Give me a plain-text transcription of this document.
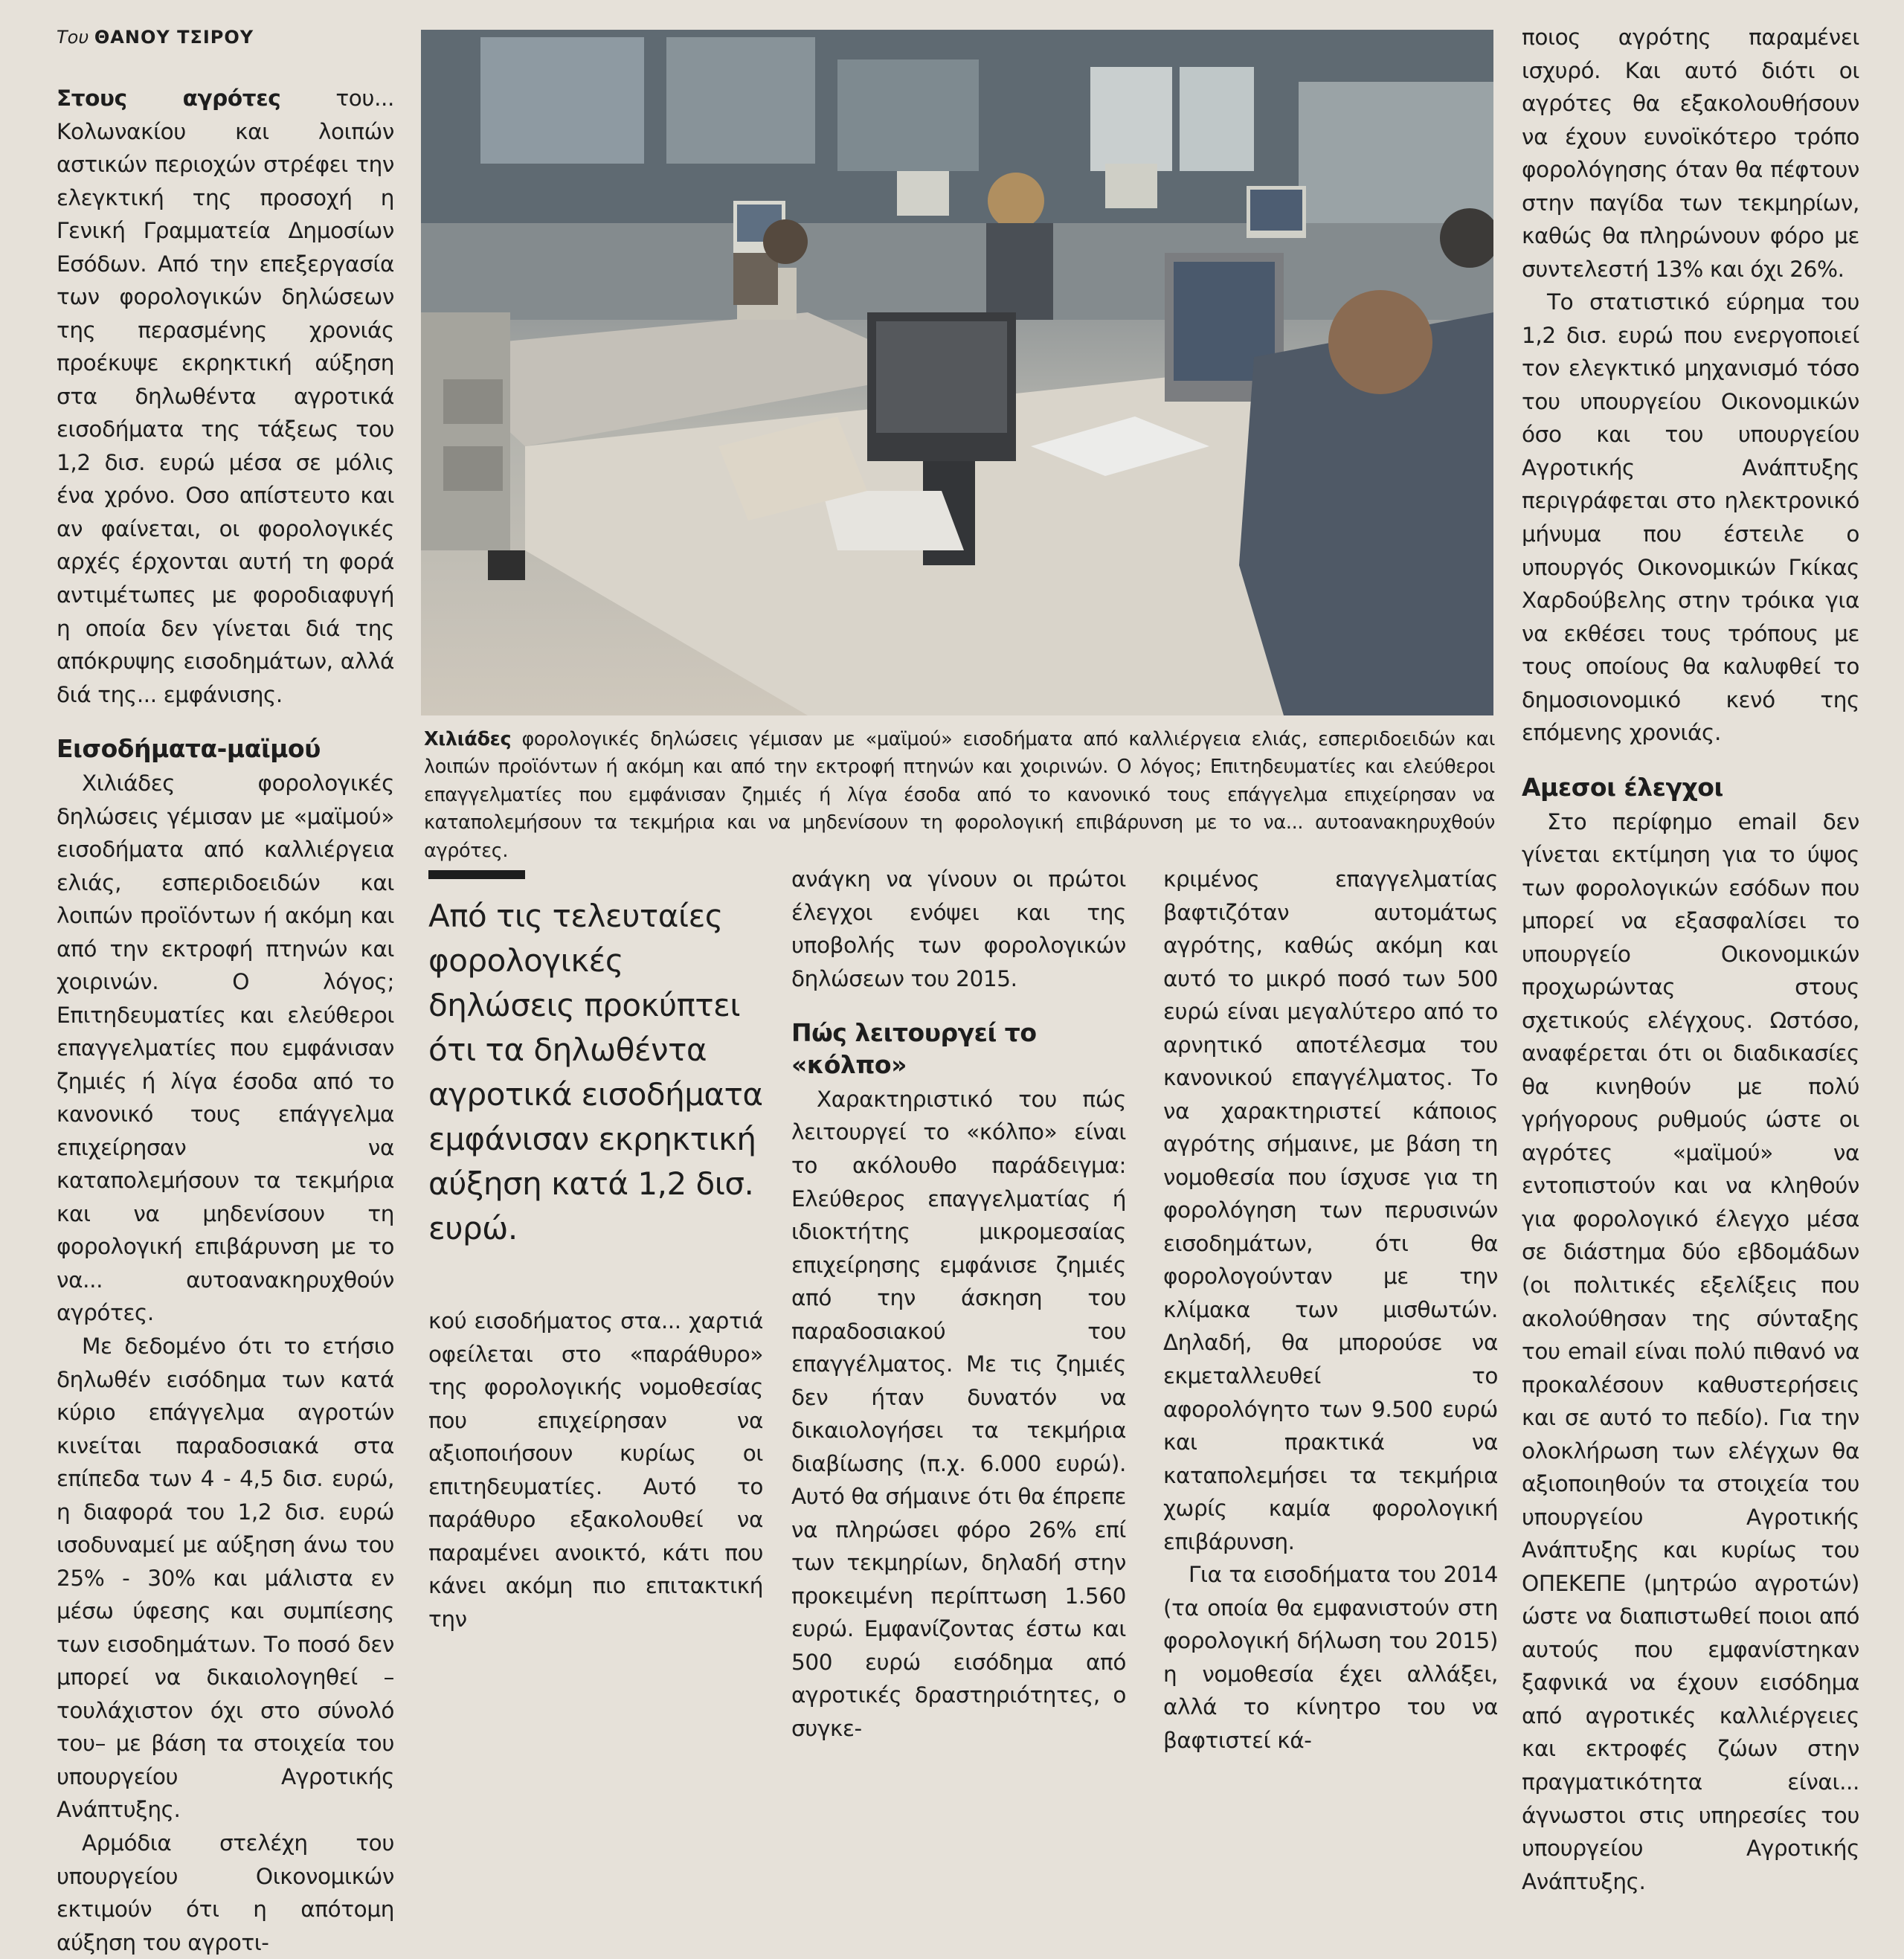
Του ΘΑΝΟΥ ΤΣΙΡΟΥ

Στους αγρότες του... Κολωνακίου και λοιπών αστικών περιοχών στρέφει την ελεγκτική της προσοχή η Γενική Γραμματεία Δημοσίων Εσόδων. Από την επεξεργασία των φορολογικών δηλώσεων της περασμένης χρονιάς προέκυψε εκρηκτική αύξηση στα δηλωθέντα αγροτικά εισοδήματα της τάξεως του 1,2 δισ. ευρώ μέσα σε μόλις ένα χρόνο. Οσο απίστευτο και αν φαίνεται, οι φορολογικές αρχές έρχονται αυτή τη φορά αντιμέτωπες με φοροδιαφυγή η οποία δεν γίνεται διά της απόκρυψης εισοδημάτων, αλλά διά της... εμφάνισης.

Εισοδήματα-μαϊμού

Χιλιάδες φορολογικές δηλώσεις γέμισαν με «μαϊμού» εισοδήματα από καλλιέργεια ελιάς, εσπεριδοειδών και λοιπών προϊόντων ή ακόμη και από την εκτροφή πτηνών και χοιρινών. Ο λόγος; Επιτηδευματίες και ελεύθεροι επαγγελματίες που εμφάνισαν ζημιές ή λίγα έσοδα από το κανονικό τους επάγγελμα επιχείρησαν να καταπολεμήσουν τα τεκμήρια και να μηδενίσουν τη φορολογική επιβάρυνση με το να... αυτοανακηρυχθούν αγρότες.

Με δεδομένο ότι το ετήσιο δηλωθέν εισόδημα των κατά κύριο επάγγελμα αγροτών κινείται παραδοσιακά στα επίπεδα των 4 - 4,5 δισ. ευρώ, η διαφορά του 1,2 δισ. ευρώ ισοδυναμεί με αύξηση άνω του 25% - 30% και μάλιστα εν μέσω ύφεσης και συμπίεσης των εισοδημάτων. Το ποσό δεν μπορεί να δικαιολογηθεί –τουλάχιστον όχι στο σύνολό του– με βάση τα στοιχεία του υπουργείου Αγροτικής Ανάπτυξης.

Αρμόδια στελέχη του υπουργείου Οικονομικών εκτιμούν ότι η απότομη αύξηση του αγροτι-

Χιλιάδες φορολογικές δηλώσεις γέμισαν με «μαϊμού» εισοδήματα από καλλιέργεια ελιάς, εσπεριδοειδών και λοιπών προϊόντων ή ακόμη και από την εκτροφή πτηνών και χοιρινών. Ο λόγος; Επιτηδευματίες και ελεύθεροι επαγγελματίες που εμφάνισαν ζημιές ή λίγα έσοδα από το κανονικό τους επάγγελμα επιχείρησαν να καταπολεμήσουν τα τεκμήρια και να μηδενίσουν τη φορολογική επιβάρυνση με το να... αυτοανακηρυχθούν αγρότες.
Από τις τελευταίες φορολογικές δηλώσεις προκύπτει ότι τα δηλωθέντα αγροτικά εισοδήματα εμφάνισαν εκρηκτική αύξηση κατά 1,2 δισ. ευρώ.

κού εισοδήματος στα... χαρτιά οφείλεται στο «παράθυρο» της φορολογικής νομοθεσίας που επιχείρησαν να αξιοποιήσουν κυρίως οι επιτηδευματίες. Αυτό το παράθυρο εξακολουθεί να παραμένει ανοικτό, κάτι που κάνει ακόμη πιο επιτακτική την

ανάγκη να γίνουν οι πρώτοι έλεγχοι ενόψει και της υποβολής των φορολογικών δηλώσεων του 2015.

Πώς λειτουργεί το «κόλπο»

Χαρακτηριστικό του πώς λειτουργεί το «κόλπο» είναι το ακόλουθο παράδειγμα: Ελεύθερος επαγγελματίας ή ιδιοκτήτης μικρομεσαίας επιχείρησης εμφάνισε ζημιές από την άσκηση του παραδοσιακού του επαγγέλματος. Με τις ζημιές δεν ήταν δυνατόν να δικαιολογήσει τα τεκμήρια διαβίωσης (π.χ. 6.000 ευρώ). Αυτό θα σήμαινε ότι θα έπρεπε να πληρώσει φόρο 26% επί των τεκμηρίων, δηλαδή στην προκειμένη περίπτωση 1.560 ευρώ. Εμφανίζοντας έστω και 500 ευρώ εισόδημα από αγροτικές δραστηριότητες, ο συγκε-

κριμένος επαγγελματίας βαφτιζόταν αυτομάτως αγρότης, καθώς ακόμη και αυτό το μικρό ποσό των 500 ευρώ είναι μεγαλύτερο από το αρνητικό αποτέλεσμα του κανονικού επαγγέλματος. Το να χαρακτηριστεί κάποιος αγρότης σήμαινε, με βάση τη νομοθεσία που ίσχυσε για τη φορολόγηση των περυσινών εισοδημάτων, ότι θα φορολογούνταν με την κλίμακα των μισθωτών. Δηλαδή, θα μπορούσε να εκμεταλλευθεί το αφορολόγητο των 9.500 ευρώ και πρακτικά να καταπολεμήσει τα τεκμήρια χωρίς καμία φορολογική επιβάρυνση.

Για τα εισοδήματα του 2014 (τα οποία θα εμφανιστούν στη φορολογική δήλωση του 2015) η νομοθεσία έχει αλλάξει, αλλά το κίνητρο του να βαφτιστεί κά-

ποιος αγρότης παραμένει ισχυρό. Και αυτό διότι οι αγρότες θα εξακολουθήσουν να έχουν ευνοϊκότερο τρόπο φορολόγησης όταν θα πέφτουν στην παγίδα των τεκμηρίων, καθώς θα πληρώνουν φόρο με συντελεστή 13% και όχι 26%.

Το στατιστικό εύρημα του 1,2 δισ. ευρώ που ενεργοποιεί τον ελεγκτικό μηχανισμό τόσο του υπουργείου Οικονομικών όσο και του υπουργείου Αγροτικής Ανάπτυξης περιγράφεται στο ηλεκτρονικό μήνυμα που έστειλε ο υπουργός Οικονομικών Γκίκας Χαρδούβελης στην τρόικα για να εκθέσει τους τρόπους με τους οποίους θα καλυφθεί το δημοσιονομικό κενό της επόμενης χρονιάς.

Αμεσοι έλεγχοι

Στο περίφημο email δεν γίνεται εκτίμηση για το ύψος των φορολογικών εσόδων που μπορεί να εξασφαλίσει το υπουργείο Οικονομικών προχωρώντας στους σχετικούς ελέγχους. Ωστόσο, αναφέρεται ότι οι διαδικασίες θα κινηθούν με πολύ γρήγορους ρυθμούς ώστε οι αγρότες «μαϊμού» να εντοπιστούν και να κληθούν για φορολογικό έλεγχο μέσα σε διάστημα δύο εβδομάδων (οι πολιτικές εξελίξεις που ακολούθησαν της σύνταξης του email είναι πολύ πιθανό να προκαλέσουν καθυστερήσεις και σε αυτό το πεδίο). Για την ολοκλήρωση των ελέγχων θα αξιοποιηθούν τα στοιχεία του υπουργείου Αγροτικής Ανάπτυξης και κυρίως του ΟΠΕΚΕΠΕ (μητρώο αγροτών) ώστε να διαπιστωθεί ποιοι από αυτούς που εμφανίστηκαν ξαφνικά να έχουν εισόδημα από αγροτικές καλλιέργειες και εκτροφές ζώων στην πραγματικότητα είναι... άγνωστοι στις υπηρεσίες του υπουργείου Αγροτικής Ανάπτυξης.
